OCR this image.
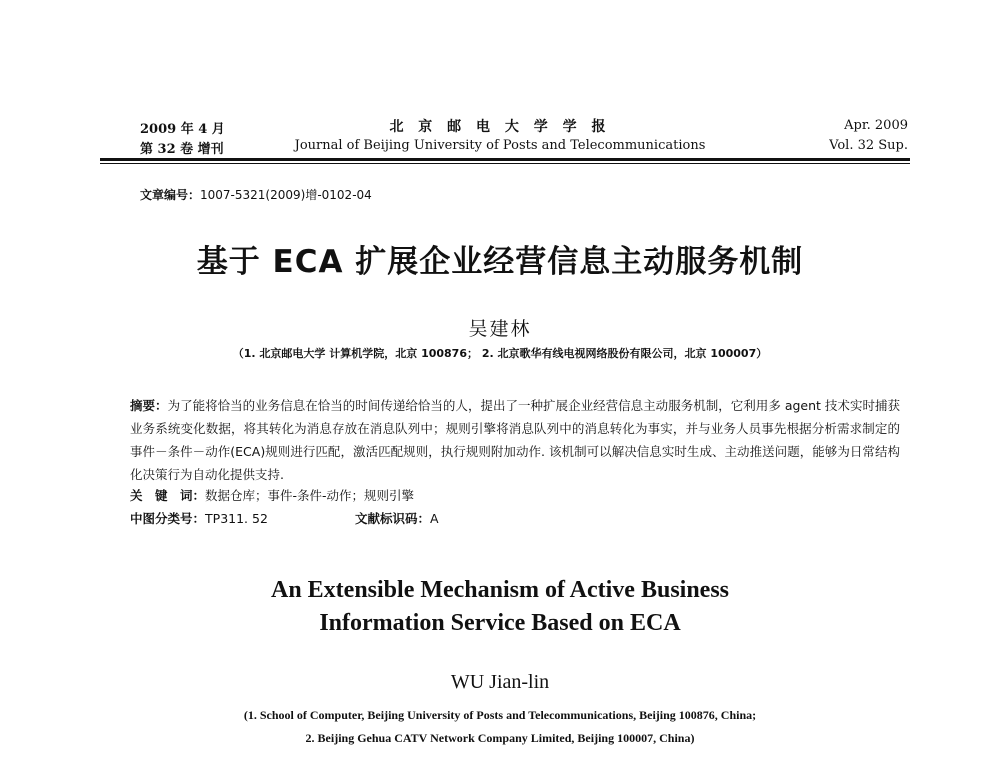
2009 年 4 月
第 32 卷 增刊
北 京 邮 电 大 学 学 报
Journal of Beijing University of Posts and Telecommunications
Apr. 2009
Vol. 32 Sup.
文章编号：1007-5321(2009)增-0102-04
基于 ECA 扩展企业经营信息主动服务机制
吴建林
（1. 北京邮电大学 计算机学院，北京 100876； 2. 北京歌华有线电视网络股份有限公司，北京 100007）
摘要：为了能将恰当的业务信息在恰当的时间传递给恰当的人，提出了一种扩展企业经营信息主动服务机制，它利用多 agent 技术实时捕获业务系统变化数据，将其转化为消息存放在消息队列中；规则引擎将消息队列中的消息转化为事实，并与业务人员事先根据分析需求制定的事件－条件－动作(ECA)规则进行匹配，激活匹配规则，执行规则附加动作. 该机制可以解决信息实时生成、主动推送问题，能够为日常结构化决策行为自动化提供支持.
关　键　词：数据仓库；事件-条件-动作；规则引擎
中图分类号：TP311. 52	文献标识码：A
An Extensible Mechanism of Active Business
Information Service Based on ECA
WU Jian-lin
(1. School of Computer, Beijing University of Posts and Telecommunications, Beijing 100876, China;
2. Beijing Gehua CATV Network Company Limited, Beijing 100007, China)
